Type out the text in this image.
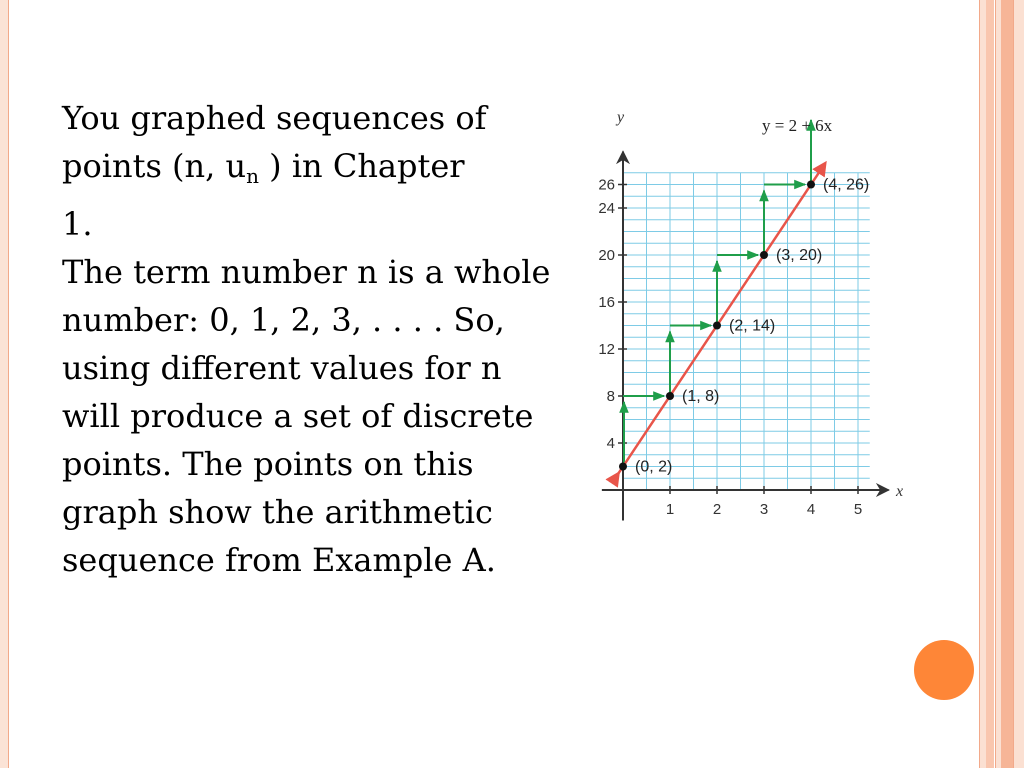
You graphed sequences of
points (n, $u_n$ ) in Chapter
1.

The term number n is a whole number: 0, 1, 2, 3, . . . . So, using different values for n will produce a set of discrete points. The points on this graph show the arithmetic sequence from Example A.

1	2	3	4	5
4
8
12
16
20
24
26
(0, 2)
(1, 8)
(2, 14)
(3, 20)
(4, 26)
y = 2 + 6x
y
x
